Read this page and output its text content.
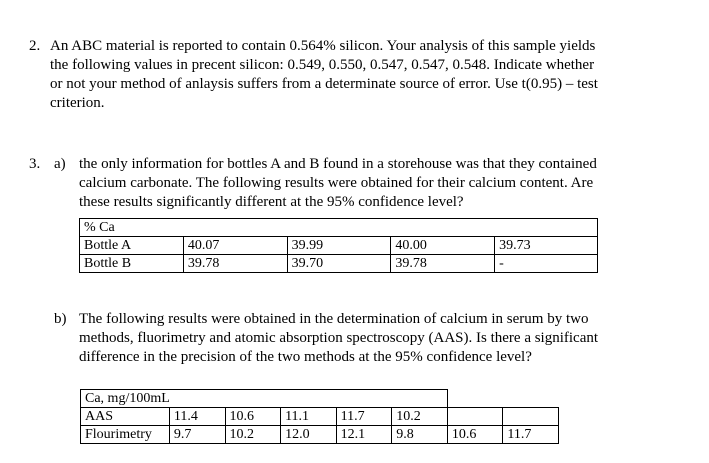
2. An ABC material is reported to contain 0.564% silicon. Your analysis of this sample yields
the following values in precent silicon: 0.549, 0.550, 0.547, 0.547, 0.548. Indicate whether
or not your method of anlaysis suffers from a determinate source of error. Use t(0.95) – test
criterion.
3. a) the only information for bottles A and B found in a storehouse was that they contained
calcium carbonate. The following results were obtained for their calcium content. Are
these results significantly different at the 95% confidence level?
% Ca				
Bottle A	40.07	39.99	40.00	39.73
Bottle B	39.78	39.70	39.78	-
b) The following results were obtained in the determination of calcium in serum by two
methods, fluorimetry and atomic absorption spectroscopy (AAS). Is there a significant
difference in the precision of the two methods at the 95% confidence level?
Ca, mg/100mL							
AAS	11.4	10.6	11.1	11.7	10.2		
Flourimetry	9.7	10.2	12.0	12.1	9.8	10.6	11.7
